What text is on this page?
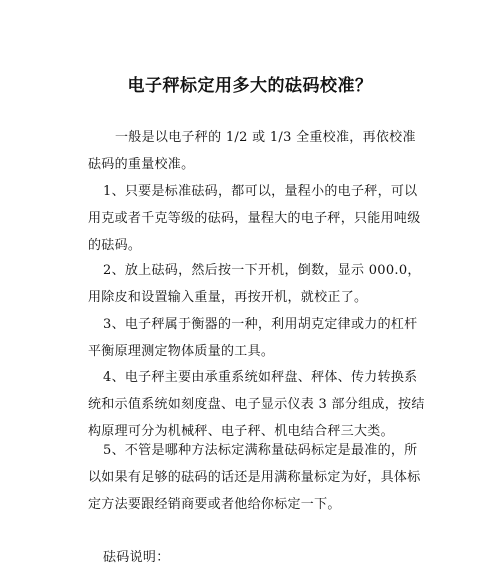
电子秤标定用多大的砝码校准？
一般是以电子秤的 1/2 或 1/3 全重校准，再依校准砝码的重量校准。
1、只要是标准砝码，都可以，量程小的电子秤，可以用克或者千克等级的砝码，量程大的电子秤，只能用吨级的砝码。
2、放上砝码，然后按一下开机，倒数，显示 000.0，用除皮和设置输入重量，再按开机，就校正了。
3、电子秤属于衡器的一种，利用胡克定律或力的杠杆平衡原理测定物体质量的工具。
4、电子秤主要由承重系统如秤盘、秤体、传力转换系统和示值系统如刻度盘、电子显示仪表 3 部分组成，按结构原理可分为机械秤、电子秤、机电结合秤三大类。
5、不管是哪种方法标定满称量砝码标定是最准的，所以如果有足够的砝码的话还是用满称量标定为好，具体标定方法要跟经销商要或者他给你标定一下。
砝码说明：
